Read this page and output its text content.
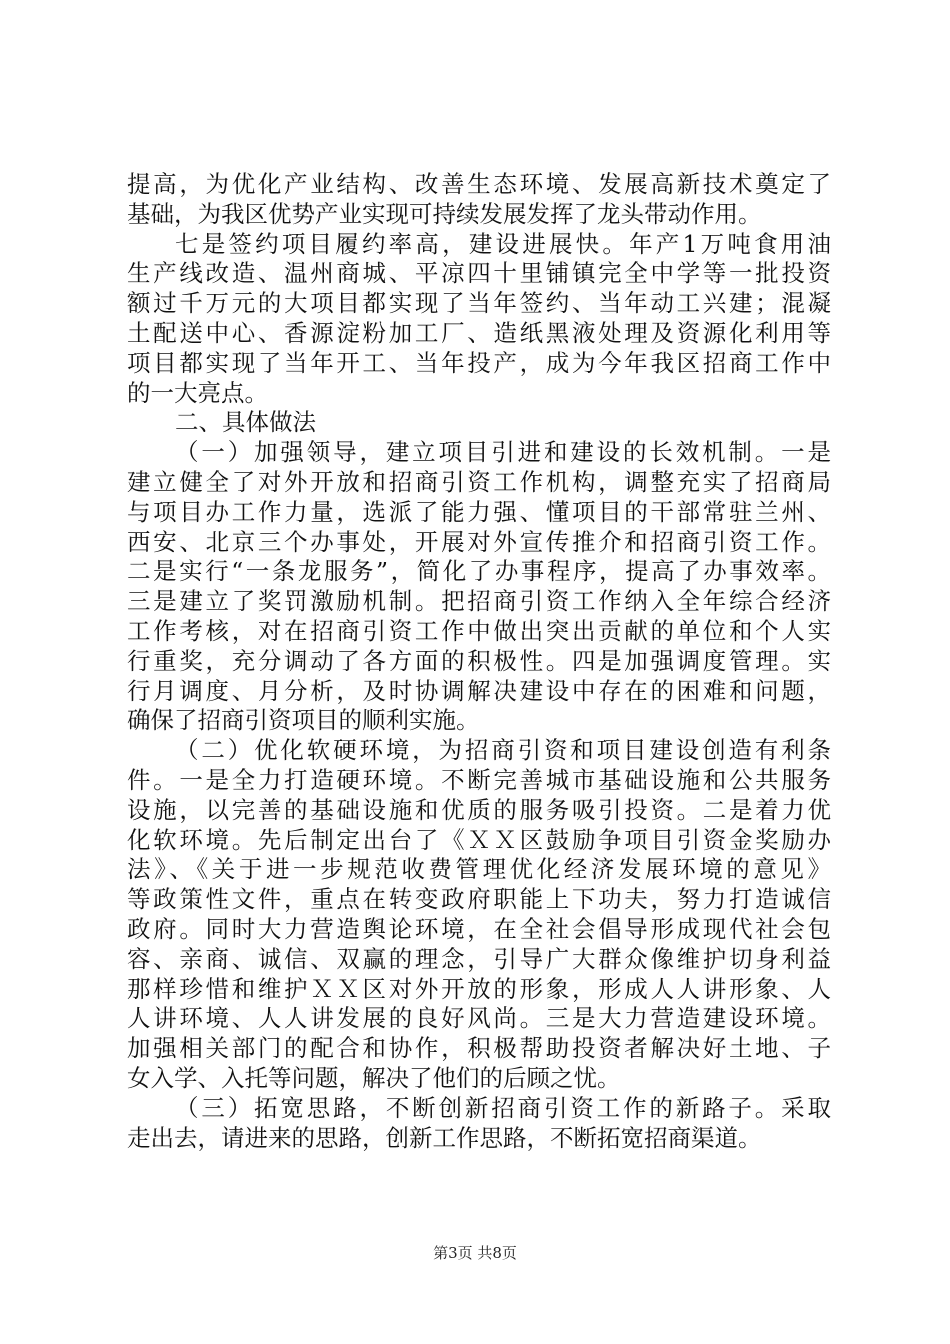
提高，为优化产业结构、改善生态环境、发展高新技术奠定了
基础，为我区优势产业实现可持续发展发挥了龙头带动作用。
七是签约项目履约率高，建设进展快。年产1万吨食用油
生产线改造、温州商城、平凉四十里铺镇完全中学等一批投资
额过千万元的大项目都实现了当年签约、当年动工兴建；混凝
土配送中心、香源淀粉加工厂、造纸黑液处理及资源化利用等
项目都实现了当年开工、当年投产，成为今年我区招商工作中
的一大亮点。
二、具体做法
（一）加强领导，建立项目引进和建设的长效机制。一是
建立健全了对外开放和招商引资工作机构，调整充实了招商局
与项目办工作力量，选派了能力强、懂项目的干部常驻兰州、
西安、北京三个办事处，开展对外宣传推介和招商引资工作。
二是实行“一条龙服务”，简化了办事程序，提高了办事效率。
三是建立了奖罚激励机制。把招商引资工作纳入全年综合经济
工作考核，对在招商引资工作中做出突出贡献的单位和个人实
行重奖，充分调动了各方面的积极性。四是加强调度管理。实
行月调度、月分析，及时协调解决建设中存在的困难和问题，
确保了招商引资项目的顺利实施。
（二）优化软硬环境，为招商引资和项目建设创造有利条
件。一是全力打造硬环境。不断完善城市基础设施和公共服务
设施，以完善的基础设施和优质的服务吸引投资。二是着力优
化软环境。先后制定出台了《ＸＸ区鼓励争项目引资金奖励办
法》、《关于进一步规范收费管理优化经济发展环境的意见》
等政策性文件，重点在转变政府职能上下功夫，努力打造诚信
政府。同时大力营造舆论环境，在全社会倡导形成现代社会包
容、亲商、诚信、双赢的理念，引导广大群众像维护切身利益
那样珍惜和维护ＸＸ区对外开放的形象，形成人人讲形象、人
人讲环境、人人讲发展的良好风尚。三是大力营造建设环境。
加强相关部门的配合和协作，积极帮助投资者解决好土地、子
女入学、入托等问题，解决了他们的后顾之忧。
（三）拓宽思路，不断创新招商引资工作的新路子。采取
走出去，请进来的思路，创新工作思路，不断拓宽招商渠道。
第3页 共8页
